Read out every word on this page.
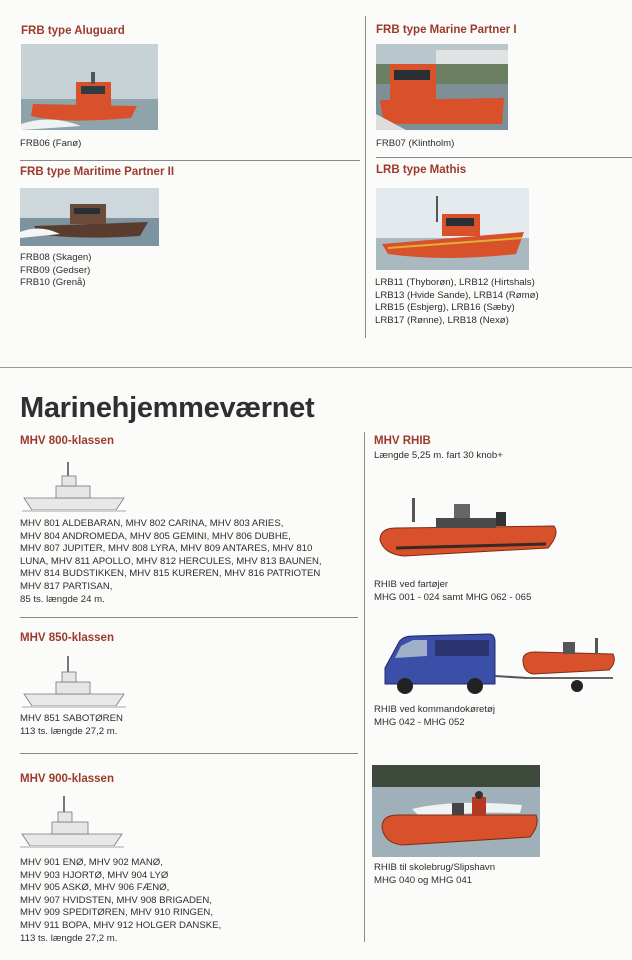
FRB type Aluguard
FRB06 (Fanø)
FRB type Maritime Partner II
FRB08 (Skagen)
FRB09 (Gedser)
FRB10 (Grenå)
FRB type Marine Partner I
FRB07 (Klintholm)
LRB type Mathis
LRB11 (Thyborøn), LRB12 (Hirtshals)
LRB13 (Hvide Sande), LRB14 (Rømø)
LRB15 (Esbjerg), LRB16 (Sæby)
LRB17 (Rønne), LRB18 (Nexø)
Marinehjemmeværnet
MHV 800-klassen
MHV 801 ALDEBARAN, MHV 802 CARINA, MHV 803 ARIES,
MHV 804 ANDROMEDA, MHV 805 GEMINI, MHV 806 DUBHE,
MHV 807 JUPITER, MHV 808 LYRA, MHV 809 ANTARES, MHV 810
LUNA, MHV 811 APOLLO, MHV 812 HERCULES, MHV 813 BAUNEN,
MHV 814 BUDSTIKKEN, MHV 815 KUREREN, MHV 816 PATRIOTEN
MHV 817 PARTISAN,
85 ts. længde 24 m.
MHV 850-klassen
MHV 851 SABOTØREN
113 ts. længde 27,2 m.
MHV 900-klassen
MHV 901 ENØ, MHV 902 MANØ,
MHV 903 HJORTØ, MHV 904 LYØ
MHV 905 ASKØ, MHV 906 FÆNØ,
MHV 907 HVIDSTEN, MHV 908 BRIGADEN,
MHV 909 SPEDITØREN, MHV 910 RINGEN,
MHV 911 BOPA, MHV 912 HOLGER DANSKE,
113 ts. længde 27,2 m.
MHV RHIB
Længde 5,25 m. fart 30 knob+
RHIB ved fartøjer
MHG 001 - 024 samt MHG 062 - 065
RHIB ved kommandokøretøj
MHG 042 - MHG 052
RHIB til skolebrug/Slipshavn
MHG 040 og MHG 041
